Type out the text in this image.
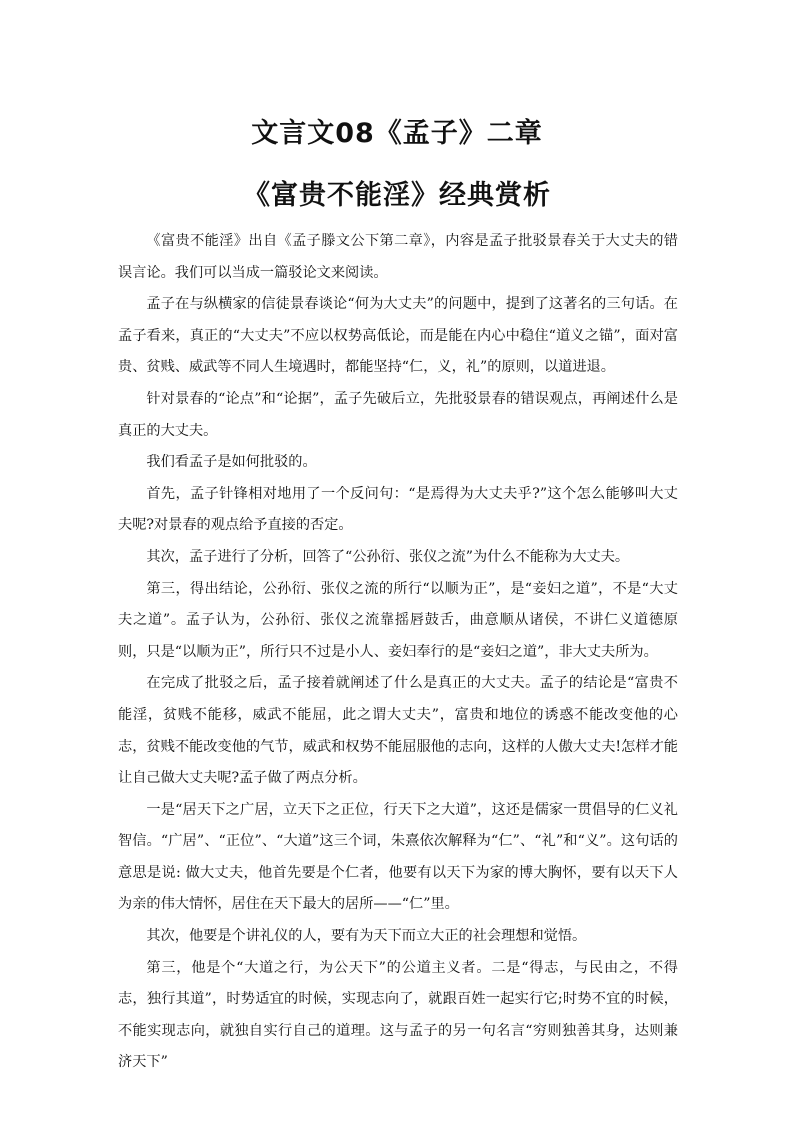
文言文08《孟子》二章
《富贵不能淫》经典赏析

《富贵不能淫》出自《孟子滕文公下第二章》，内容是孟子批驳景春关于大丈夫的错误言论。我们可以当成一篇驳论文来阅读。

孟子在与纵横家的信徒景春谈论“何为大丈夫”的问题中，提到了这著名的三句话。在孟子看来，真正的“大丈夫”不应以权势高低论，而是能在内心中稳住“道义之锚”，面对富贵、贫贱、威武等不同人生境遇时，都能坚持“仁，义，礼”的原则，以道进退。

针对景春的“论点”和“论据”，孟子先破后立，先批驳景春的错误观点，再阐述什么是真正的大丈夫。

我们看孟子是如何批驳的。

首先，孟子针锋相对地用了一个反问句：“是焉得为大丈夫乎?”这个怎么能够叫大丈夫呢?对景春的观点给予直接的否定。

其次，孟子进行了分析，回答了“公孙衍、张仪之流”为什么不能称为大丈夫。

第三，得出结论，公孙衍、张仪之流的所行“以顺为正”，是“妾妇之道”，不是“大丈夫之道”。孟子认为，公孙衍、张仪之流靠摇唇鼓舌，曲意顺从诸侯，不讲仁义道德原则，只是“以顺为正”，所行只不过是小人、妾妇奉行的是“妾妇之道”，非大丈夫所为。

在完成了批驳之后，孟子接着就阐述了什么是真正的大丈夫。孟子的结论是“富贵不能淫，贫贱不能移，威武不能屈，此之谓大丈夫”，富贵和地位的诱惑不能改变他的心志，贫贱不能改变他的气节，威武和权势不能屈服他的志向，这样的人傲大丈夫!怎样才能让自己做大丈夫呢?孟子做了两点分析。

一是“居天下之广居，立天下之正位，行天下之大道”，这还是儒家一贯倡导的仁义礼智信。“广居”、“正位”、“大道”这三个词，朱熹依次解释为“仁”、“礼”和“义”。这句话的意思是说: 做大丈夫，他首先要是个仁者，他要有以天下为家的博大胸怀，要有以天下人为亲的伟大情怀，居住在天下最大的居所——“仁”里。

其次，他要是个讲礼仪的人，要有为天下而立大正的社会理想和觉悟。

第三，他是个“大道之行，为公天下”的公道主义者。二是“得志，与民由之，不得志，独行其道”，时势适宜的时候，实现志向了，就跟百姓一起实行它;时势不宜的时候，不能实现志向，就独自实行自己的道理。这与孟子的另一句名言“穷则独善其身，达则兼济天下”
